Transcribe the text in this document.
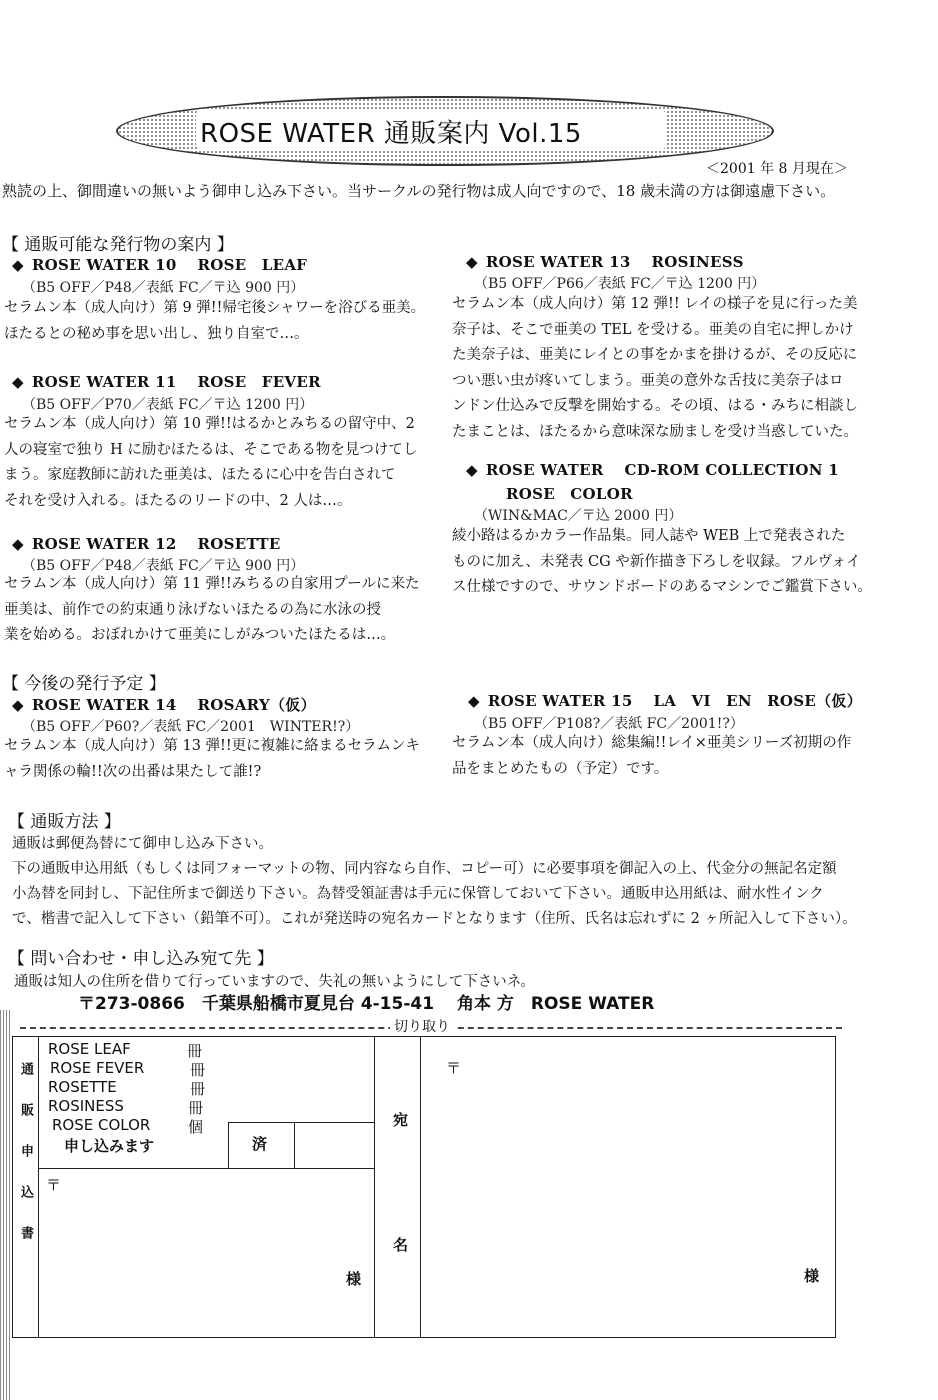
ROSE WATER 通販案内 Vol.15
＜2001 年 8 月現在＞
熟読の上、御間違いの無いよう御申し込み下さい。当サークルの発行物は成人向ですので、18 歳未満の方は御遠慮下さい。
【 通販可能な発行物の案内 】
◆ ROSE WATER 10　 ROSE　LEAF
（B5 OFF／P48／表紙 FC／〒込 900 円）
セラムン本（成人向け）第 9 弾!!帰宅後シャワーを浴びる亜美。
ほたるとの秘め事を思い出し、独り自室で…。
◆ ROSE WATER 11　 ROSE　FEVER
（B5 OFF／P70／表紙 FC／〒込 1200 円）
セラムン本（成人向け）第 10 弾!!はるかとみちるの留守中、2
人の寝室で独り H に励むほたるは、そこである物を見つけてし
まう。家庭教師に訪れた亜美は、ほたるに心中を告白されて
それを受け入れる。ほたるのリードの中、2 人は…。
◆ ROSE WATER 12　 ROSETTE
（B5 OFF／P48／表紙 FC／〒込 900 円）
セラムン本（成人向け）第 11 弾!!みちるの自家用プールに来た
亜美は、前作での約束通り泳げないほたるの為に水泳の授
業を始める。おぼれかけて亜美にしがみついたほたるは…。
◆ ROSE WATER 13　 ROSINESS
（B5 OFF／P66／表紙 FC／〒込 1200 円）
セラムン本（成人向け）第 12 弾!! レイの様子を見に行った美
奈子は、そこで亜美の TEL を受ける。亜美の自宅に押しかけ
た美奈子は、亜美にレイとの事をかまを掛けるが、その反応に
つい悪い虫が疼いてしまう。亜美の意外な舌技に美奈子はロ
ンドン仕込みで反撃を開始する。その頃、はる・みちに相談し
たまことは、ほたるから意味深な励ましを受け当惑していた。
◆ ROSE WATER　 CD-ROM COLLECTION 1
ROSE　COLOR
（WIN&MAC／〒込 2000 円）
綾小路はるかカラー作品集。同人誌や WEB 上で発表された
ものに加え、未発表 CG や新作描き下ろしを収録。フルヴォイ
ス仕様ですので、サウンドボードのあるマシンでご鑑賞下さい。
【 今後の発行予定 】
◆ ROSE WATER 14　 ROSARY（仮）
（B5 OFF／P60?／表紙 FC／2001　WINTER!?）
セラムン本（成人向け）第 13 弾!!更に複雑に絡まるセラムンキ
ャラ関係の輪!!次の出番は果たして誰!?
◆ ROSE WATER 15　 LA　VI　EN　ROSE（仮）
（B5 OFF／P108?／表紙 FC／2001!?）
セラムン本（成人向け）総集編!!レイ×亜美シリーズ初期の作
品をまとめたもの（予定）です。
【 通販方法 】
通販は郵便為替にて御申し込み下さい。
下の通販申込用紙（もしくは同フォーマットの物、同内容なら自作、コピー可）に必要事項を御記入の上、代金分の無記名定額
小為替を同封し、下記住所まで御送り下さい。為替受領証書は手元に保管しておいて下さい。通販申込用紙は、耐水性インク
で、楷書で記入して下さい（鉛筆不可）。これが発送時の宛名カードとなります（住所、氏名は忘れずに 2 ヶ所記入して下さい）。
【 問い合わせ・申し込み宛て先 】
通販は知人の住所を借りて行っていますので、失礼の無いようにして下さいネ。
〒273-0866　千葉県船橋市夏見台 4-15-41　 角本 方　ROSE WATER
切り取り
通販申込書
ROSE LEAF	冊
ROSE FEVER	冊
ROSETTE	冊
ROSINESS	冊
ROSE COLOR	個
申し込みます	済
〒
様 宛名
〒
様
